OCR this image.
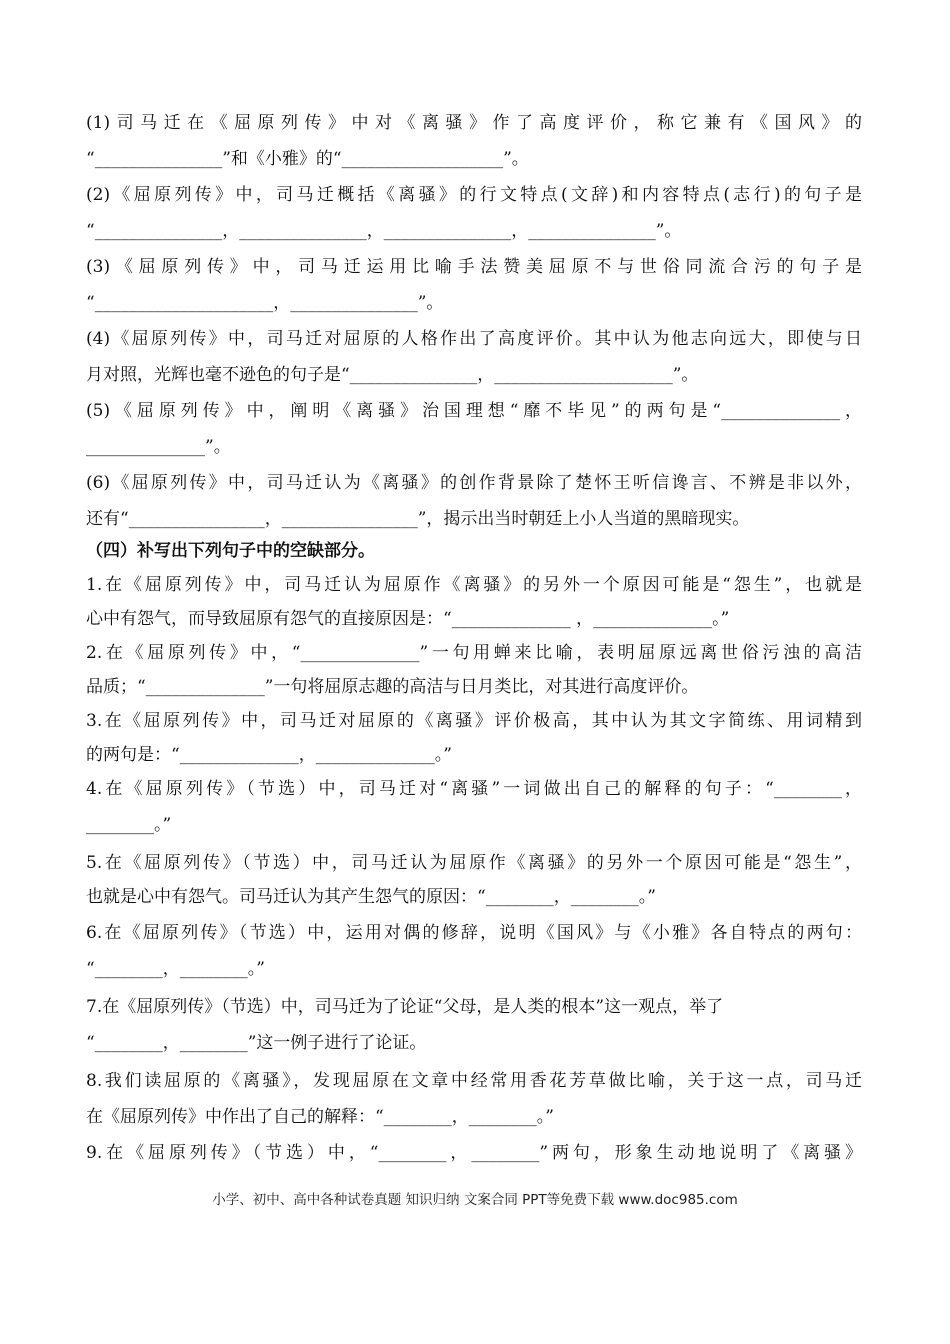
(1)司马迁在《屈原列传》中对《离骚》作了高度评价，称它兼有《国风》的
“_______________”和《小雅》的“___________________”。
(2)《屈原列传》中，司马迁概括《离骚》的行文特点(文辞)和内容特点(志行)的句子是
“_______________，_______________，_______________，_______________”。
(3)《屈原列传》中，司马迁运用比喻手法赞美屈原不与世俗同流合污的句子是
“_____________________，_______________”。
(4)《屈原列传》中，司马迁对屈原的人格作出了高度评价。其中认为他志向远大，即使与日
月对照，光辉也毫不逊色的句子是“_______________，_____________________”。
(5)《屈原列传》中，阐明《离骚》治国理想“靡不毕见”的两句是“______________，
______________”。
(6)《屈原列传》中，司马迁认为《离骚》的创作背景除了楚怀王听信谗言、不辨是非以外，
还有“________________，________________”，揭示出当时朝廷上小人当道的黑暗现实。
（四）补写出下列句子中的空缺部分。
1.在《屈原列传》中，司马迁认为屈原作《离骚》的另外一个原因可能是“怨生”，也就是
心中有怨气，而导致屈原有怨气的直接原因是：“______________ ，______________。”
2.在《屈原列传》中，“______________”一句用蝉来比喻，表明屈原远离世俗污浊的高洁
品质；“______________”一句将屈原志趣的高洁与日月类比，对其进行高度评价。
3.在《屈原列传》中，司马迁对屈原的《离骚》评价极高，其中认为其文字简练、用词精到
的两句是：“______________，______________。”
4.在《屈原列传》（节选）中，司马迁对“离骚”一词做出自己的解释的句子：“________，
________。”
5.在《屈原列传》（节选）中，司马迁认为屈原作《离骚》的另外一个原因可能是“怨生”，
也就是心中有怨气。司马迁认为其产生怨气的原因：“________，________。”
6.在《屈原列传》（节选）中，运用对偶的修辞，说明《国风》与《小雅》各自特点的两句：
“________，________。”
7.在《屈原列传》（节选）中，司马迁为了论证“父母，是人类的根本”这一观点，举了
“________，________”这一例子进行了论证。
8.我们读屈原的《离骚》，发现屈原在文章中经常用香花芳草做比喻，关于这一点，司马迁
在《屈原列传》中作出了自己的解释：“________，________。”
9.在《屈原列传》（节选）中，“________，________”两句，形象生动地说明了《离骚》
小学、初中、高中各种试卷真题 知识归纳 文案合同 PPT等免费下载 www.doc985.com
